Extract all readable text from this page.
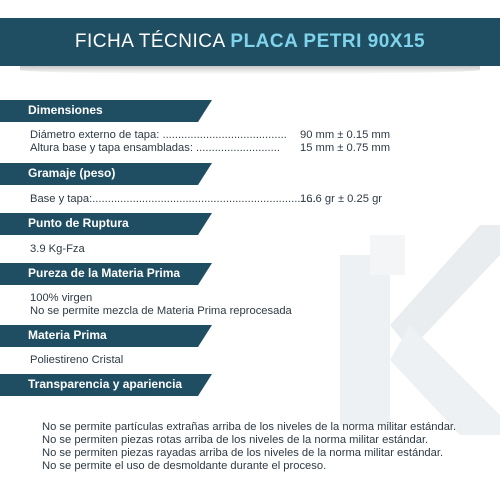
FICHA TÉCNICA PLACA PETRI 90X15
Dimensiones
Diámetro externo de tapa: ........................................ 90 mm ± 0.15 mm
Altura base y tapa ensambladas: ........................... 15 mm ± 0.75 mm
Gramaje (peso)
Base y tapa:........................................................................
16.6 gr ± 0.25 gr
Punto de Ruptura
3.9 Kg-Fza
Pureza de la Materia Prima
100% virgen
No se permite mezcla de Materia Prima reprocesada
Materia Prima
Poliestireno Cristal
Transparencia y apariencia
No se permite partículas extrañas arriba de los niveles de la norma militar estándar.
No se permiten piezas rotas arriba de los niveles de la norma militar estándar.
No se permiten piezas rayadas arriba de los niveles de la norma militar estándar.
No se permite el uso de desmoldante durante el proceso.
